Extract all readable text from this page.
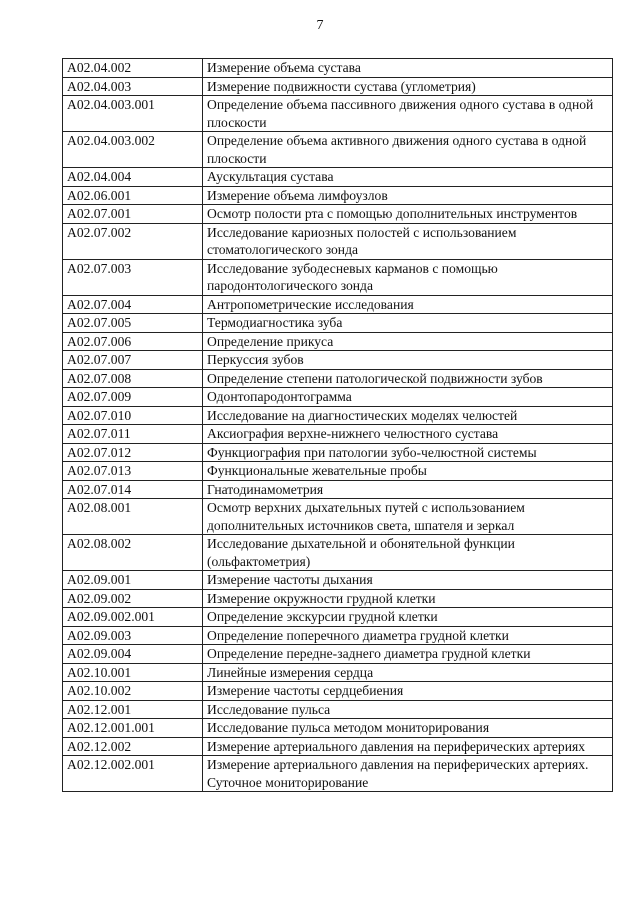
7
A02.04.002	Измерение объема сустава
A02.04.003	Измерение подвижности сустава (углометрия)
A02.04.003.001	Определение объема пассивного движения одного сустава в одной плоскости
A02.04.003.002	Определение объема активного движения одного сустава в одной плоскости
A02.04.004	Аускультация сустава
A02.06.001	Измерение объема лимфоузлов
A02.07.001	Осмотр полости рта с помощью дополнительных инструментов
A02.07.002	Исследование кариозных полостей с использованием стоматологического зонда
A02.07.003	Исследование зубодесневых карманов с помощью пародонтологического зонда
A02.07.004	Антропометрические исследования
A02.07.005	Термодиагностика зуба
A02.07.006	Определение прикуса
A02.07.007	Перкуссия зубов
A02.07.008	Определение степени патологической подвижности зубов
A02.07.009	Одонтопародонтограмма
A02.07.010	Исследование на диагностических моделях челюстей
A02.07.011	Аксиография верхне-нижнего челюстного сустава
A02.07.012	Функциография при патологии зубо-челюстной системы
A02.07.013	Функциональные жевательные пробы
A02.07.014	Гнатодинамометрия
A02.08.001	Осмотр верхних дыхательных путей с использованием дополнительных источников света, шпателя и зеркал
A02.08.002	Исследование дыхательной и обонятельной функции (ольфактометрия)
A02.09.001	Измерение частоты дыхания
A02.09.002	Измерение окружности грудной клетки
A02.09.002.001	Определение экскурсии грудной клетки
A02.09.003	Определение поперечного диаметра грудной клетки
A02.09.004	Определение передне-заднего диаметра грудной клетки
A02.10.001	Линейные измерения сердца
A02.10.002	Измерение частоты сердцебиения
A02.12.001	Исследование пульса
A02.12.001.001	Исследование пульса методом мониторирования
A02.12.002	Измерение артериального давления на периферических артериях
A02.12.002.001	Измерение артериального давления на периферических артериях. Суточное мониторирование
